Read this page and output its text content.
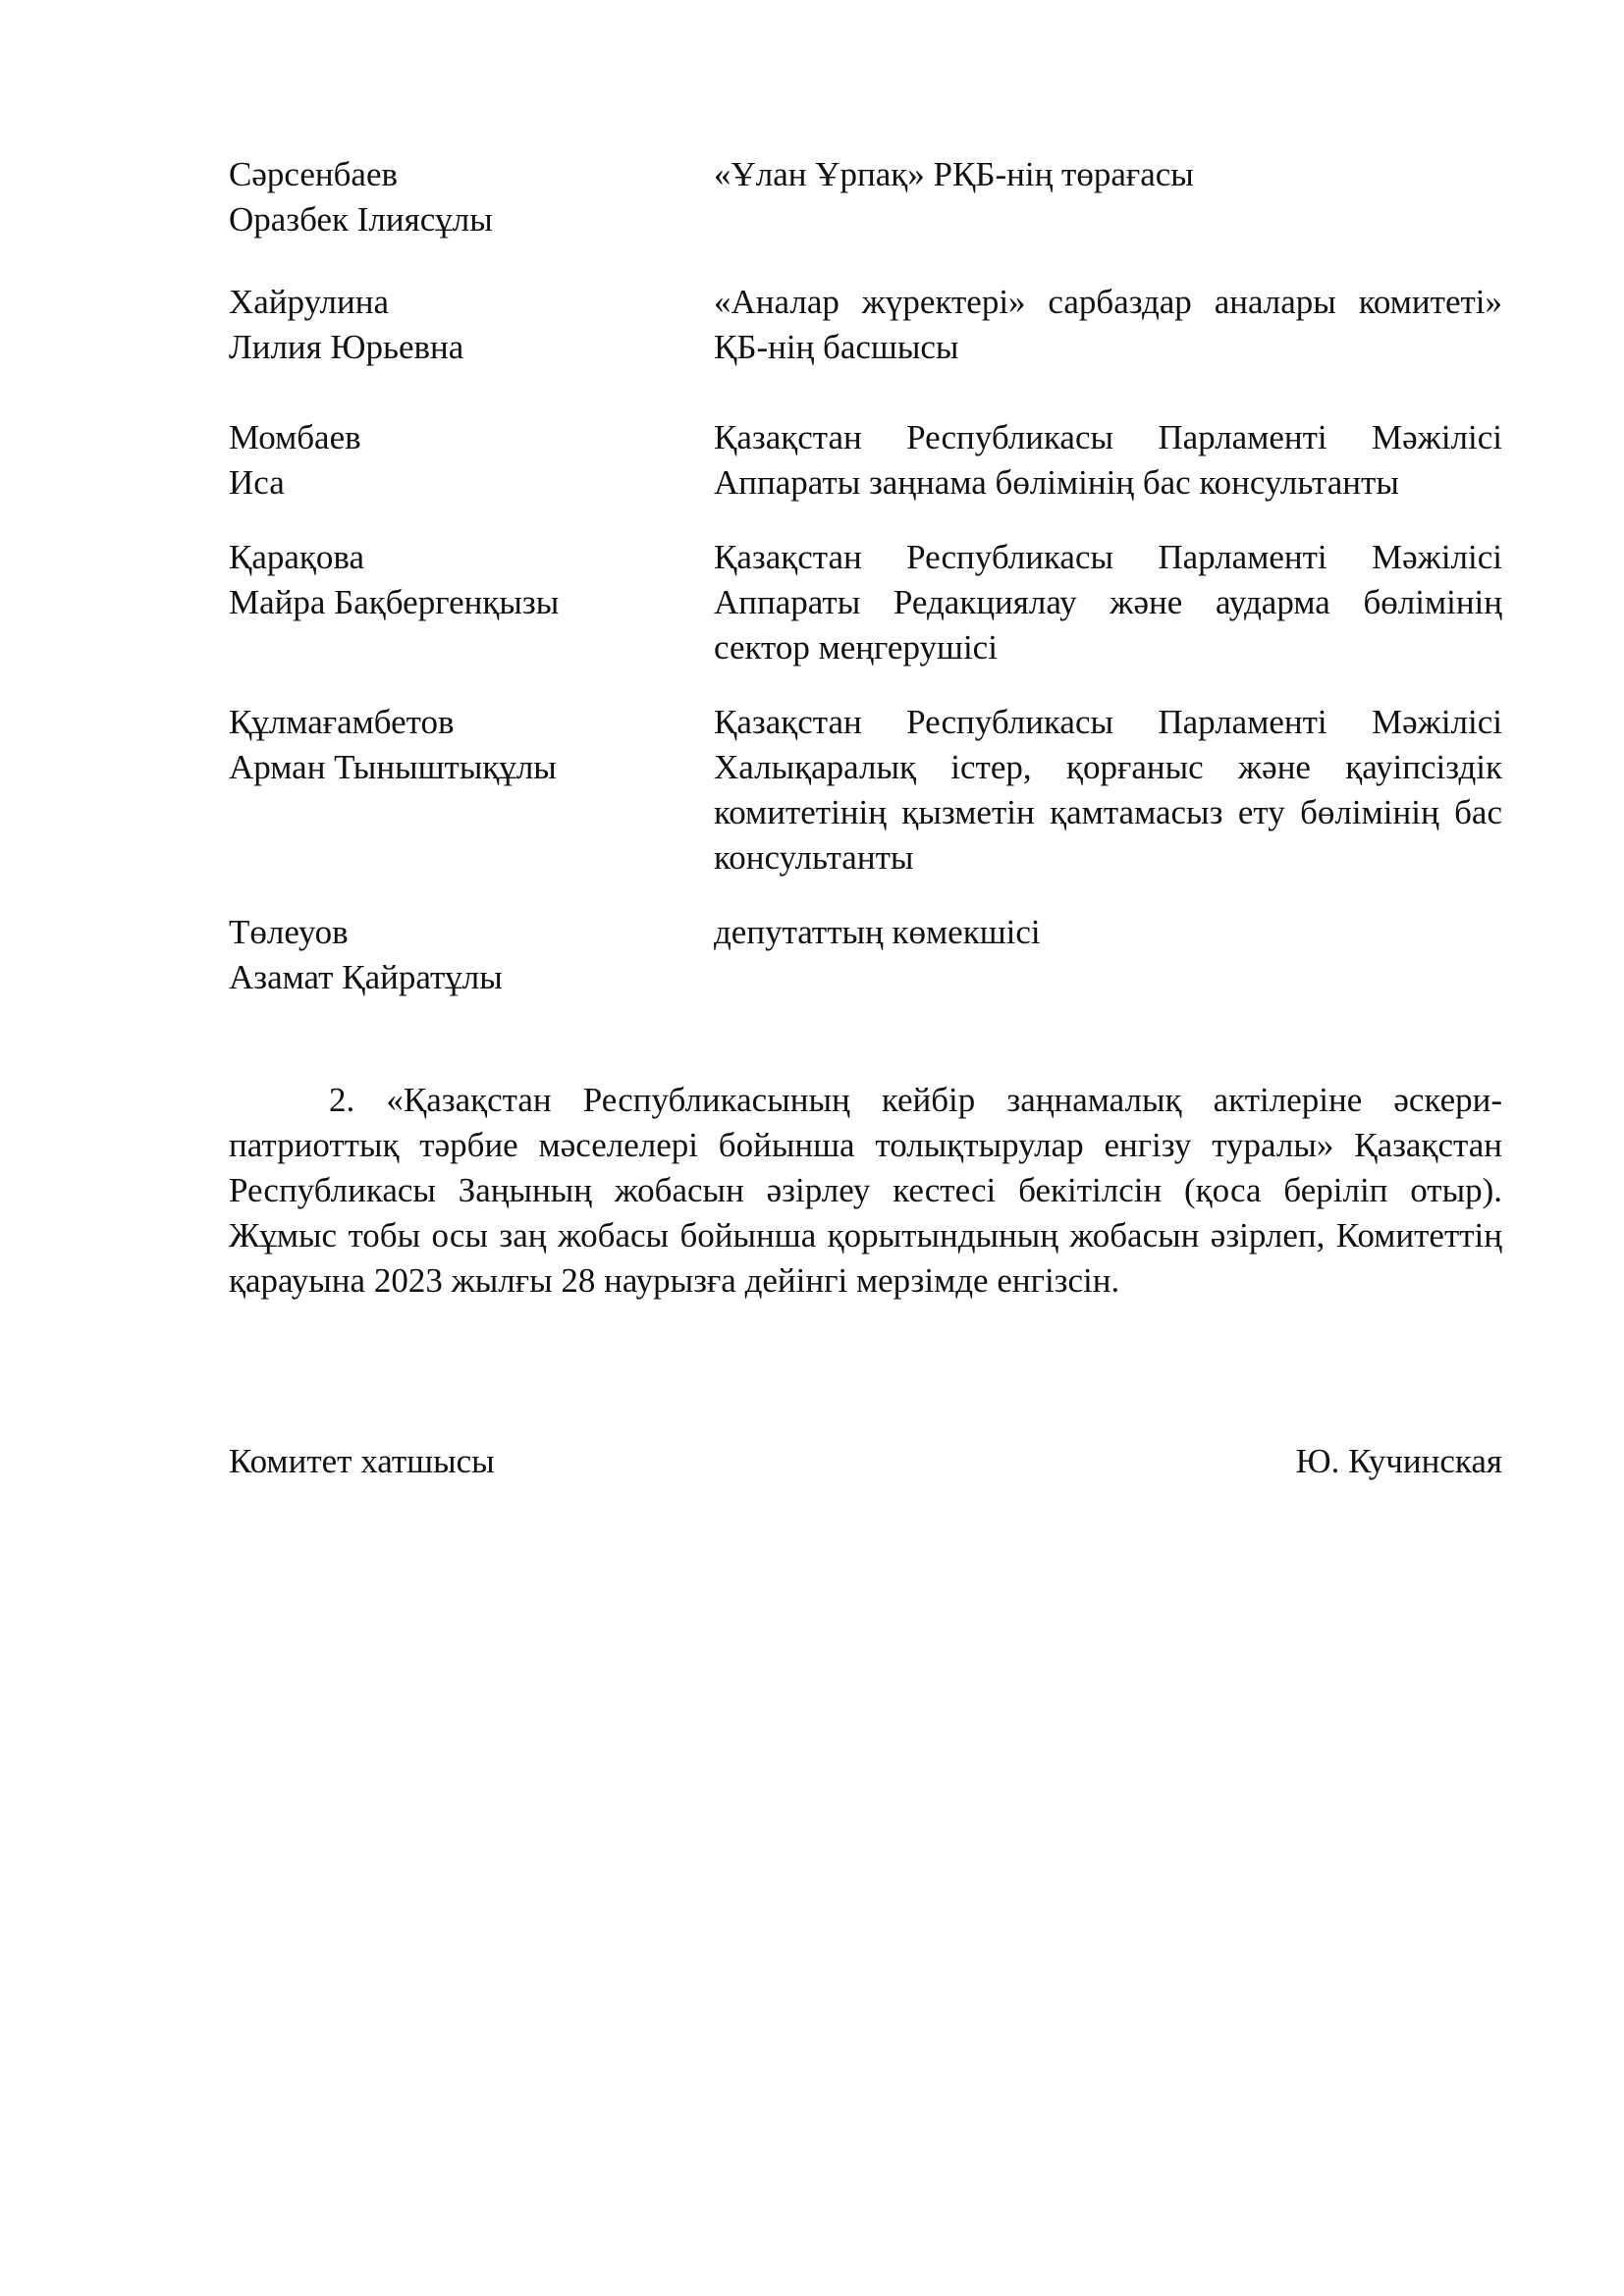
Сәрсенбаев
Оразбек Ілиясұлы
«Ұлан Ұрпақ» РҚБ-нің төрағасы
Хайрулина
Лилия Юрьевна
«Аналар жүректері» сарбаздар аналары комитеті» ҚБ-нің басшысы
Момбаев
Иса
Қазақстан Республикасы Парламенті Мәжілісі Аппараты заңнама бөлімінің бас консультанты
Қарақова
Майра Бақбергенқызы
Қазақстан Республикасы Парламенті Мәжілісі Аппараты Редакциялау және аударма бөлімінің сектор меңгерушісі
Құлмағамбетов
Арман Тыныштықұлы
Қазақстан Республикасы Парламенті Мәжілісі Халықаралық істер, қорғаныс және қауіпсіздік комитетінің қызметін қамтамасыз ету бөлімінің бас консультанты
Төлеуов
Азамат Қайратұлы
депутаттың көмекшісі

2. «Қазақстан Республикасының кейбір заңнамалық актілеріне әскери-патриоттық тәрбие мәселелері бойынша толықтырулар енгізу туралы» Қазақстан Республикасы Заңының жобасын әзірлеу кестесі бекітілсін (қоса беріліп отыр). Жұмыс тобы осы заң жобасы бойынша қорытындының жобасын әзірлеп, Комитеттің қарауына 2023 жылғы 28 наурызға дейінгі мерзімде енгізсін.

Комитет хатшысы	Ю. Кучинская
